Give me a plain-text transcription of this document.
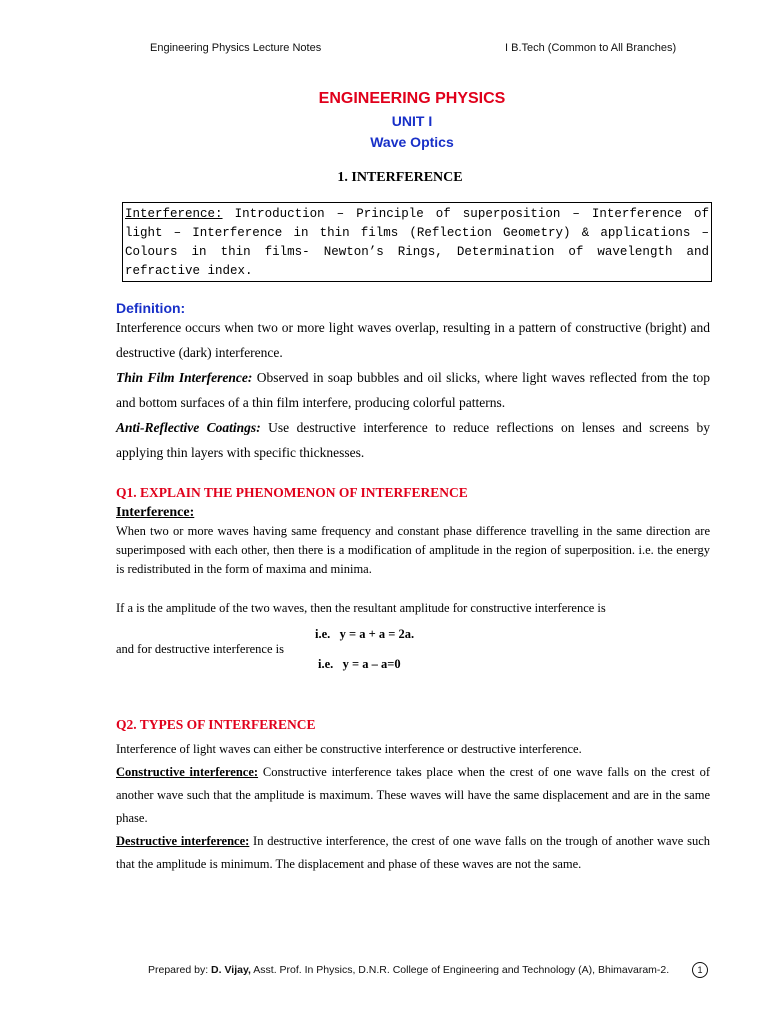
Engineering Physics Lecture Notes	I B.Tech (Common to All Branches)
ENGINEERING PHYSICS
UNIT I
Wave Optics
1. INTERFERENCE
Interference: Introduction – Principle of superposition – Interference of light – Interference in thin films (Reflection Geometry) & applications – Colours in thin films- Newton’s Rings, Determination of wavelength and refractive index.
Definition:
Interference occurs when two or more light waves overlap, resulting in a pattern of constructive (bright) and destructive (dark) interference.
Thin Film Interference: Observed in soap bubbles and oil slicks, where light waves reflected from the top and bottom surfaces of a thin film interfere, producing colorful patterns.
Anti-Reflective Coatings: Use destructive interference to reduce reflections on lenses and screens by applying thin layers with specific thicknesses.
Q1. EXPLAIN THE PHENOMENON OF INTERFERENCE
Interference:
When two or more waves having same frequency and constant phase difference travelling in the same direction are superimposed with each other, then there is a modification of amplitude in the region of superposition. i.e. the energy is redistributed in the form of maxima and minima.
If a is the amplitude of the two waves, then the resultant amplitude for constructive interference is
i.e.   y = a + a = 2a.
and for destructive interference is
i.e.   y = a – a=0
Q2. TYPES OF INTERFERENCE
Interference of light waves can either be constructive interference or destructive interference.
Constructive interference: Constructive interference takes place when the crest of one wave falls on the crest of another wave such that the amplitude is maximum. These waves will have the same displacement and are in the same phase.
Destructive interference: In destructive interference, the crest of one wave falls on the trough of another wave such that the amplitude is minimum. The displacement and phase of these waves are not the same.
Prepared by: D. Vijay, Asst. Prof. In Physics, D.N.R. College of Engineering and Technology (A), Bhimavaram-2.	1
